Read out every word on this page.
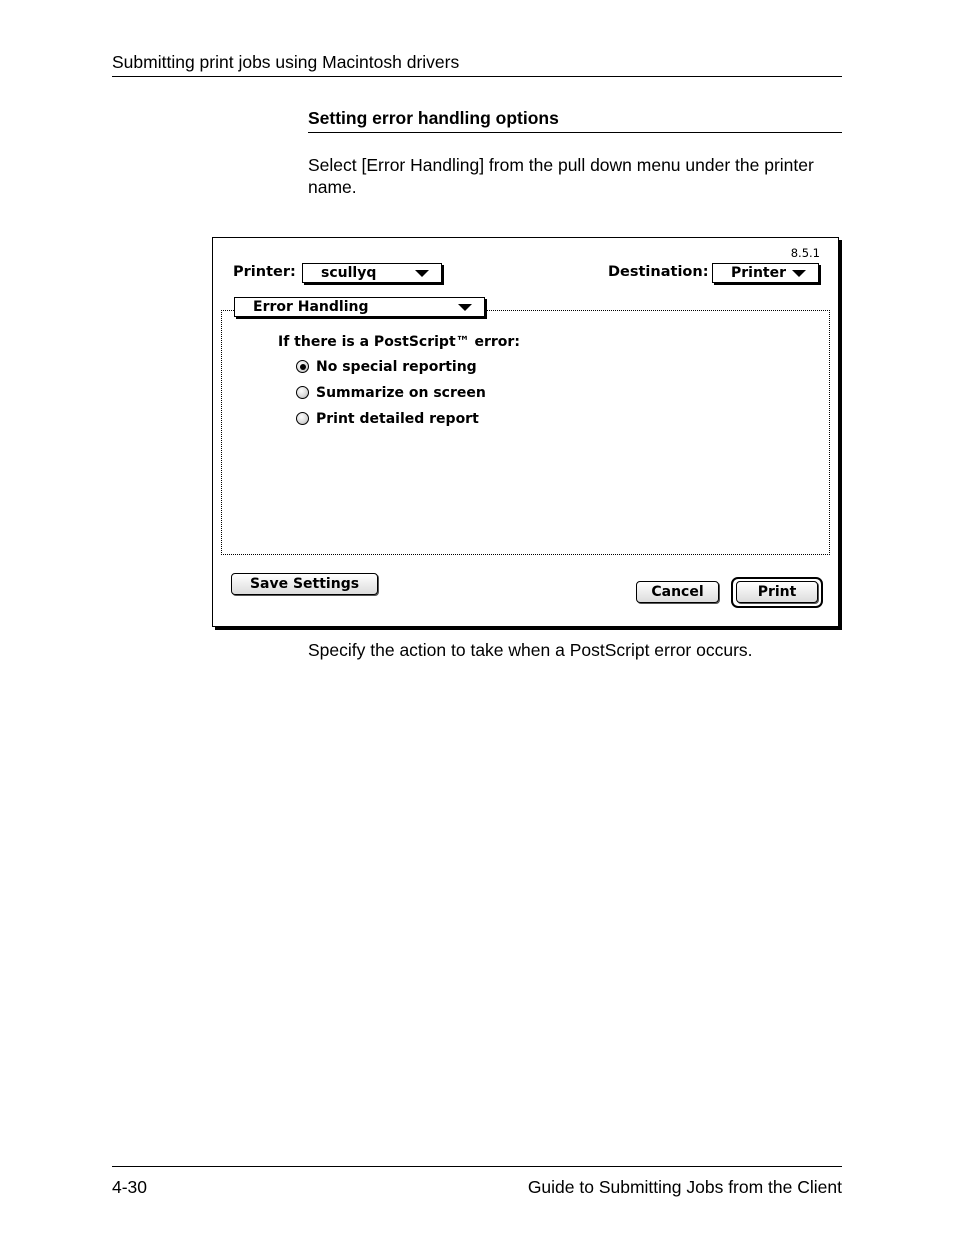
Submitting print jobs using Macintosh drivers
Setting error handling options
Select [Error Handling] from the pull down menu under the printer name.
8.5.1
Printer:	scullyq	Destination:	Printer
Error Handling
If there is a PostScript™ error:
No special reporting
Summarize on screen
Print detailed report
Save Settings	Cancel	Print
Specify the action to take when a PostScript error occurs.
4-30	Guide to Submitting Jobs from the Client
